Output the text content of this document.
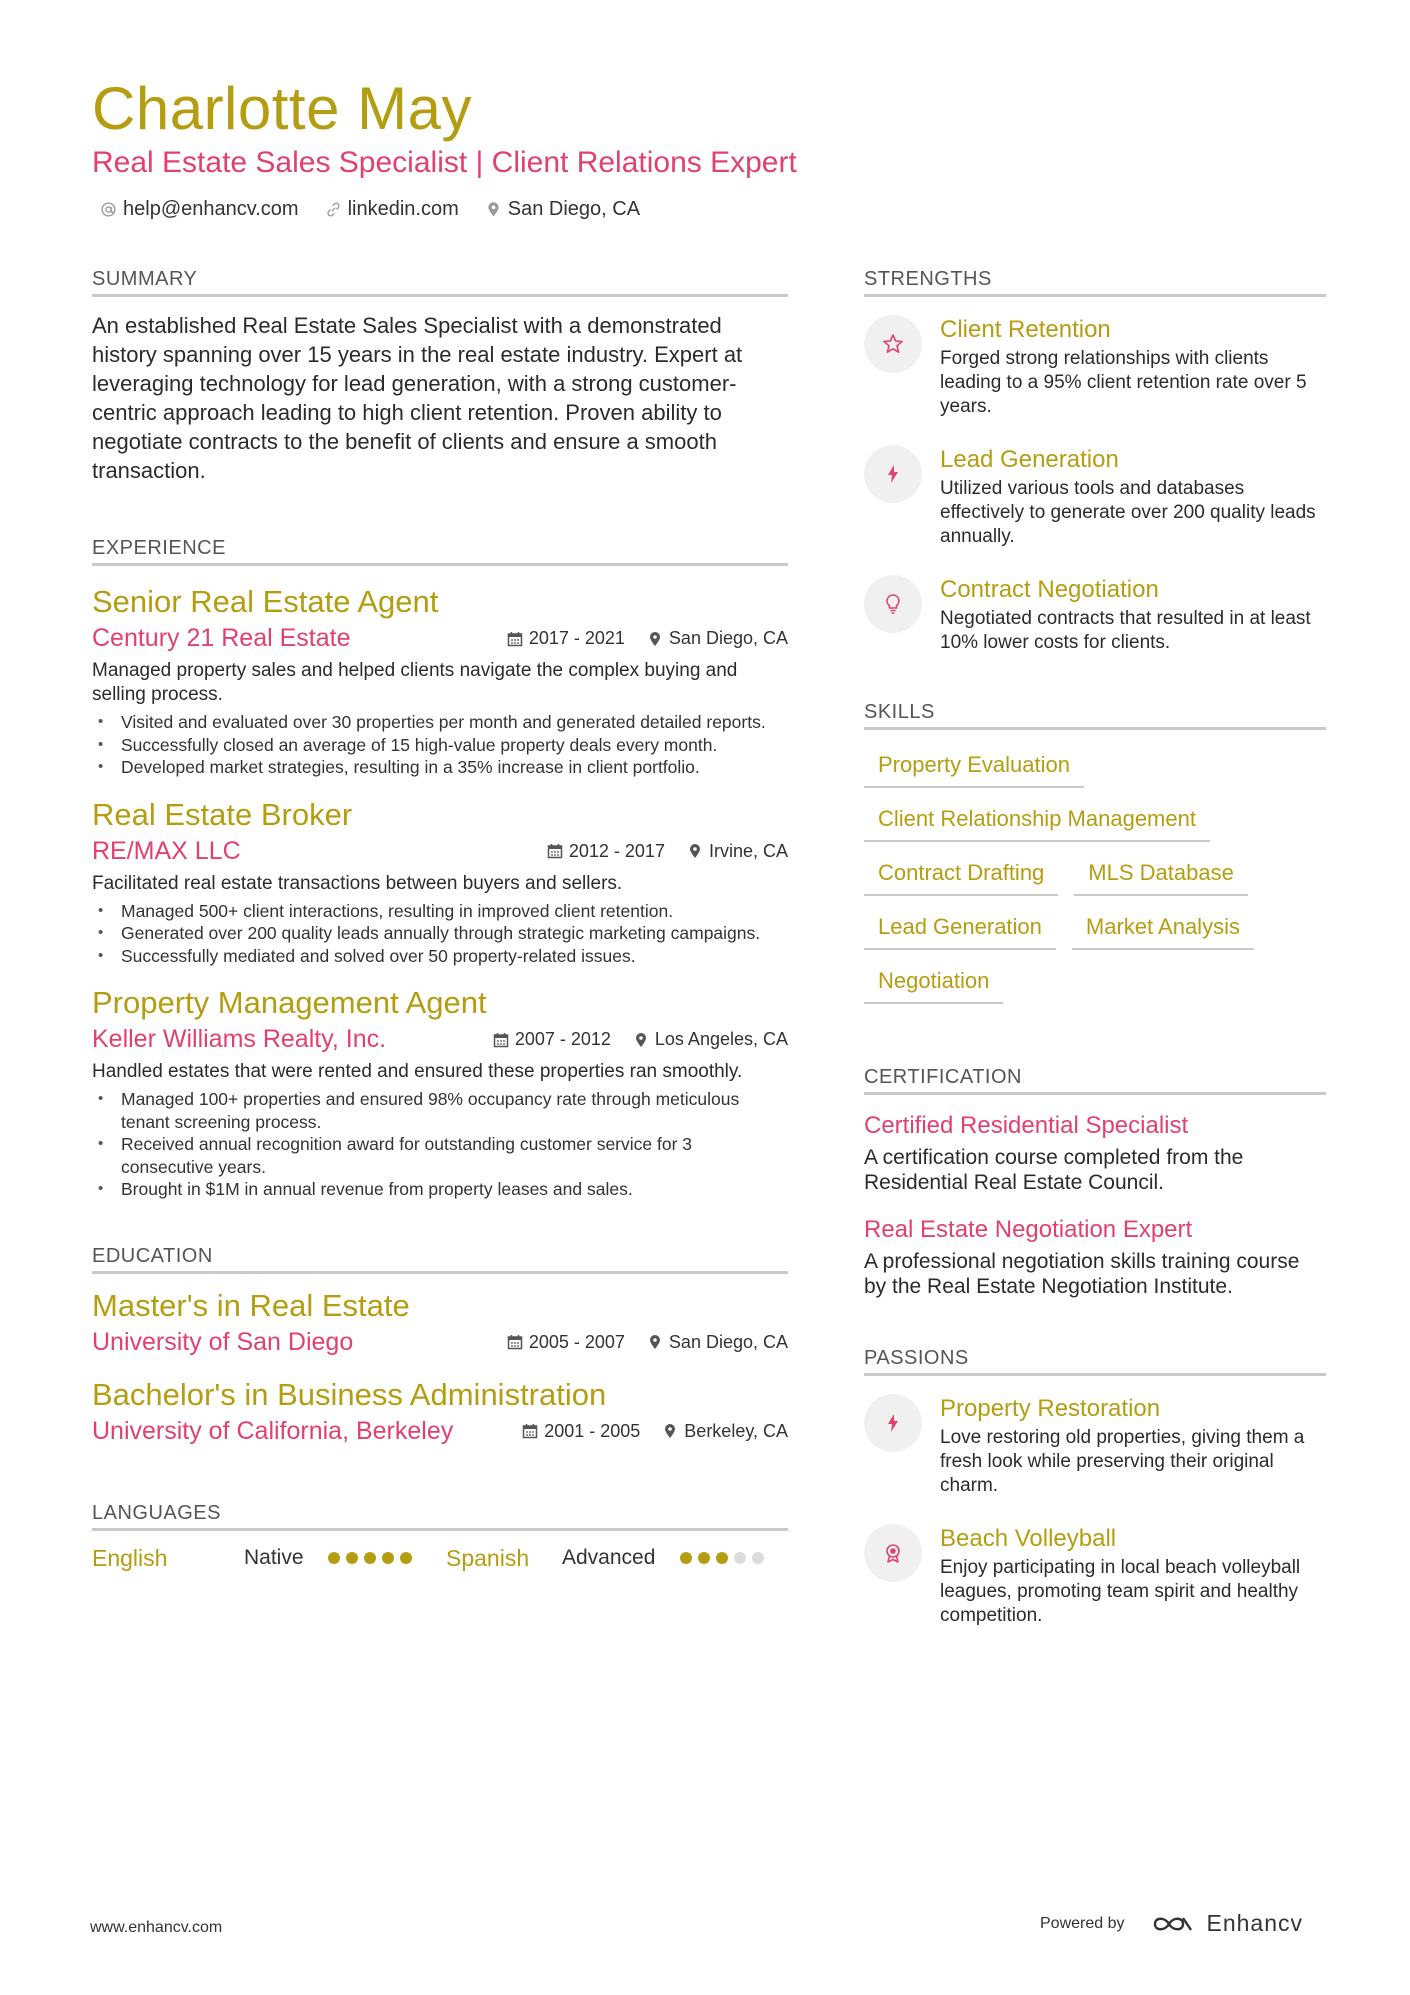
Charlotte May
Real Estate Sales Specialist | Client Relations Expert
help@enhancv.com linkedin.com San Diego, CA
SUMMARY
An established Real Estate Sales Specialist with a demonstrated history spanning over 15 years in the real estate industry. Expert at leveraging technology for lead generation, with a strong customer-centric approach leading to high client retention. Proven ability to negotiate contracts to the benefit of clients and ensure a smooth transaction.
EXPERIENCE
Senior Real Estate Agent
Century 21 Real Estate	2017 - 2021 San Diego, CA
Managed property sales and helped clients navigate the complex buying and selling process.
• Visited and evaluated over 30 properties per month and generated detailed reports.
• Successfully closed an average of 15 high-value property deals every month.
• Developed market strategies, resulting in a 35% increase in client portfolio.
Real Estate Broker
RE/MAX LLC	2012 - 2017 Irvine, CA
Facilitated real estate transactions between buyers and sellers.
• Managed 500+ client interactions, resulting in improved client retention.
• Generated over 200 quality leads annually through strategic marketing campaigns.
• Successfully mediated and solved over 50 property-related issues.
Property Management Agent
Keller Williams Realty, Inc.	2007 - 2012 Los Angeles, CA
Handled estates that were rented and ensured these properties ran smoothly.
• Managed 100+ properties and ensured 98% occupancy rate through meticulous tenant screening process.
• Received annual recognition award for outstanding customer service for 3 consecutive years.
• Brought in $1M in annual revenue from property leases and sales.
EDUCATION
Master's in Real Estate
University of San Diego	2005 - 2007 San Diego, CA
Bachelor's in Business Administration
University of California, Berkeley	2001 - 2005 Berkeley, CA
LANGUAGES
English	Native	Spanish	Advanced
STRENGTHS
Client Retention
Forged strong relationships with clients leading to a 95% client retention rate over 5 years.
Lead Generation
Utilized various tools and databases effectively to generate over 200 quality leads annually.
Contract Negotiation
Negotiated contracts that resulted in at least 10% lower costs for clients.
SKILLS
Property Evaluation
Client Relationship Management
Contract Drafting	MLS Database
Lead Generation	Market Analysis
Negotiation
CERTIFICATION
Certified Residential Specialist
A certification course completed from the Residential Real Estate Council.
Real Estate Negotiation Expert
A professional negotiation skills training course by the Real Estate Negotiation Institute.
PASSIONS
Property Restoration
Love restoring old properties, giving them a fresh look while preserving their original charm.
Beach Volleyball
Enjoy participating in local beach volleyball leagues, promoting team spirit and healthy competition.
www.enhancv.com	Powered by	Enhancv
